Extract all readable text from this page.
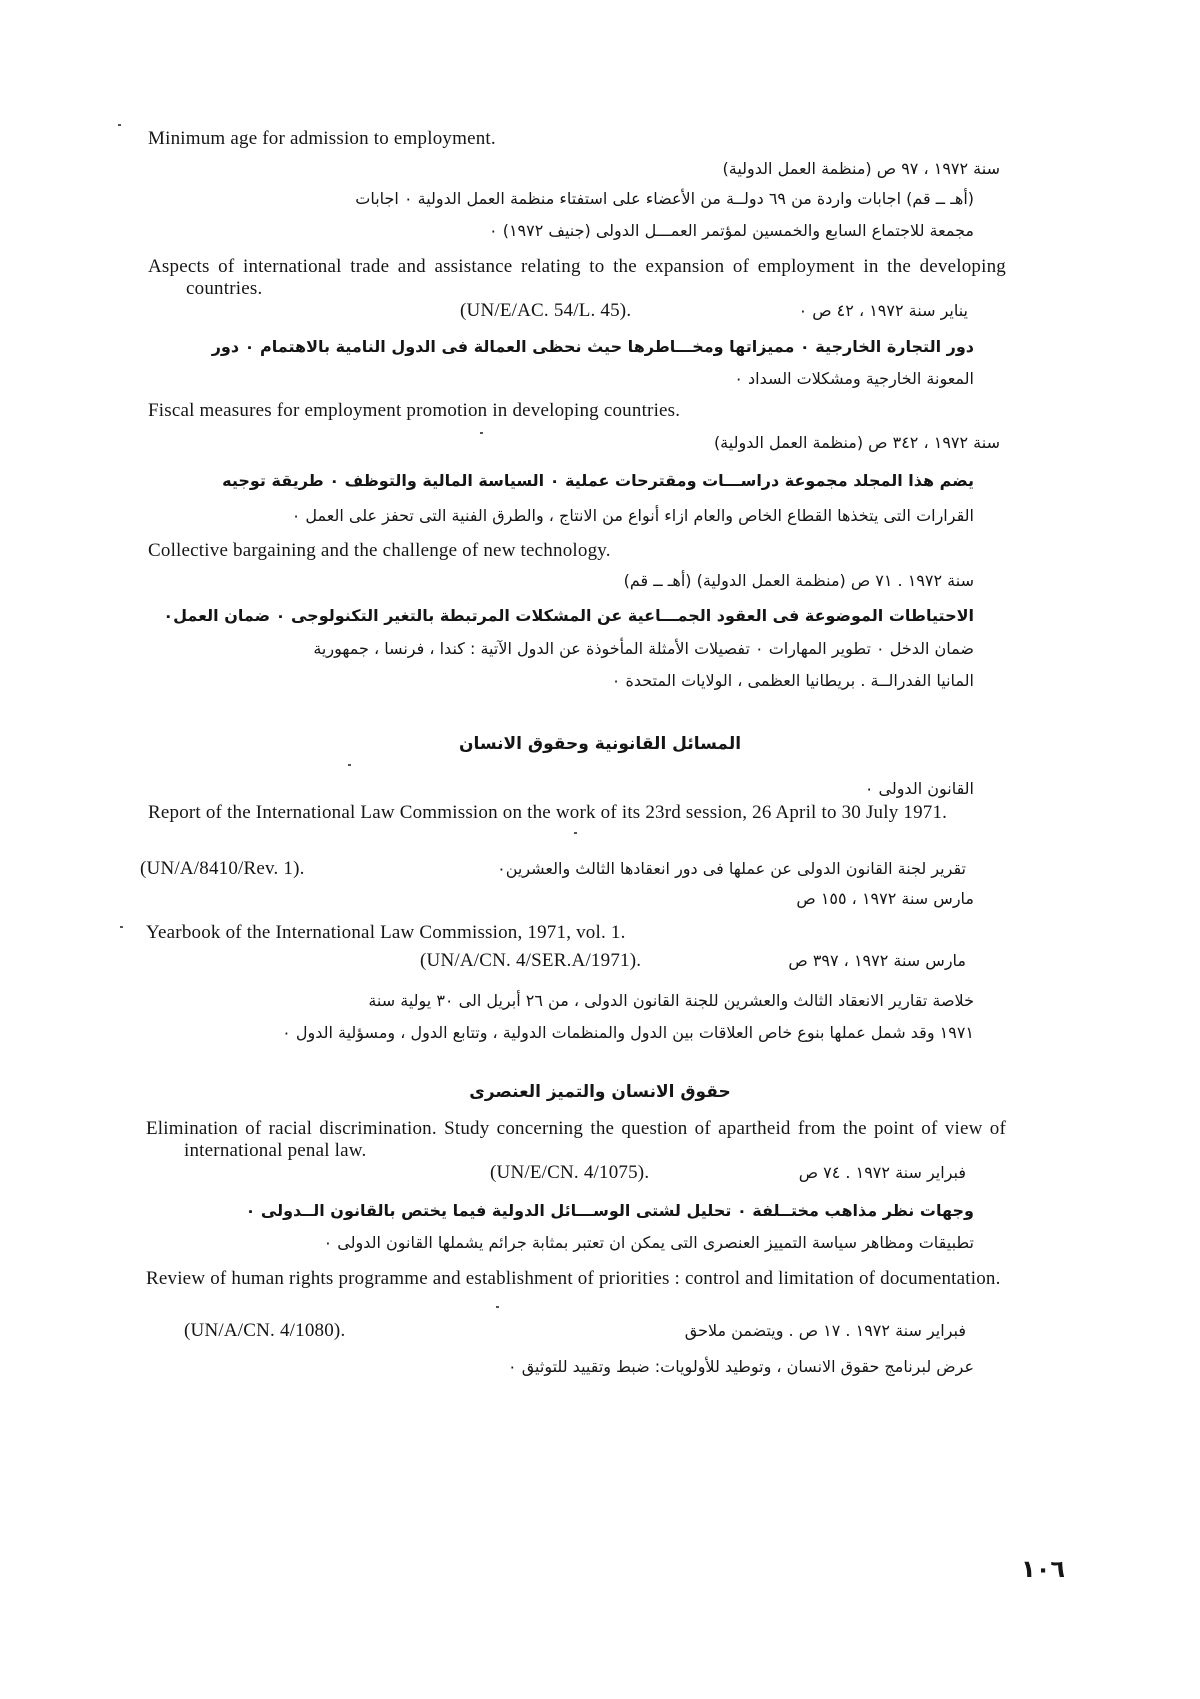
Minimum age for admission to employment.
سنة ١٩٧٢ ، ٩٧ ص (منظمة العمل الدولية)
(أهـ ــ قم) اجابات واردة من ٦٩ دولــة من الأعضاء على استفتاء منظمة العمل الدولية ٠ اجابات
مجمعة للاجتماع السابع والخمسين لمؤتمر العمـــل الدولى (جنيف ١٩٧٢) ٠
Aspects of international trade and assistance relating to the expansion of employment in the developing countries.
(UN/E/AC. 54/L. 45).	يناير سنة ١٩٧٢ ، ٤٢ ص ٠
دور التجارة الخارجية ٠ مميزاتها ومخـــاطرها حيث نحظى العمالة فى الدول النامية بالاهتمام ٠ دور
المعونة الخارجية ومشكلات السداد ٠
Fiscal measures for employment promotion in developing countries.
سنة ١٩٧٢ ، ٣٤٢ ص (منظمة العمل الدولية)
يضم هذا المجلد مجموعة دراســـات ومقترحات عملية ٠ السياسة المالية والتوظف ٠ طريقة توجيه
القرارات التى يتخذها القطاع الخاص والعام ازاء أنواع من الانتاج ، والطرق الفنية التى تحفز على العمل ٠
Collective bargaining and the challenge of new technology.
سنة ١٩٧٢ . ٧١ ص (منظمة العمل الدولية) (أهـ ــ قم)
الاحتياطات الموضوعة فى العقود الجمـــاعية عن المشكلات المرتبطة بالتغير التكنولوجى ٠ ضمان العمل٠
ضمان الدخل ٠ تطوير المهارات ٠ تفصيلات الأمثلة المأخوذة عن الدول الآتية : كندا ، فرنسا ، جمهورية
المانيا الفدرالــة . بريطانيا العظمى ، الولايات المتحدة ٠
المسائل القانونية وحقوق الانسان
القانون الدولى ٠
Report of the International Law Commission on the work of its 23rd session, 26 April to 30 July 1971.
(UN/A/8410/Rev. 1).	تقرير لجنة القانون الدولى عن عملها فى دور انعقادها الثالث والعشرين٠
مارس سنة ١٩٧٢ ، ١٥٥ ص
Yearbook of the International Law Commission, 1971, vol. 1.
(UN/A/CN. 4/SER.A/1971).	مارس سنة ١٩٧٢ ، ٣٩٧ ص
خلاصة تقارير الانعقاد الثالث والعشرين للجنة القانون الدولى ، من ٢٦ أبريل الى ٣٠ يولية سنة
١٩٧١ وقد شمل عملها بنوع خاص العلاقات بين الدول والمنظمات الدولية ، وتتابع الدول ، ومسؤلية الدول ٠
حقوق الانسان والتميز العنصرى
Elimination of racial discrimination. Study concerning the question of apartheid from the point of view of international penal law.
(UN/E/CN. 4/1075).	فبراير سنة ١٩٧٢ . ٧٤ ص
وجهات نظر مذاهب مختــلفة ٠ تحليل لشتى الوســـائل الدولية فيما يختص بالقانون الــدولى ٠
تطبيقات ومظاهر سياسة التمييز العنصرى التى يمكن ان تعتبر بمثابة جرائم يشملها القانون الدولى ٠
Review of human rights programme and establishment of priorities : control and limitation of documentation.
(UN/A/CN. 4/1080).	فبراير سنة ١٩٧٢ . ١٧ ص . ويتضمن ملاحق
عرض لبرنامج حقوق الانسان ، وتوطيد للأولويات: ضبط وتقييد للتوثيق ٠
١٠٦
